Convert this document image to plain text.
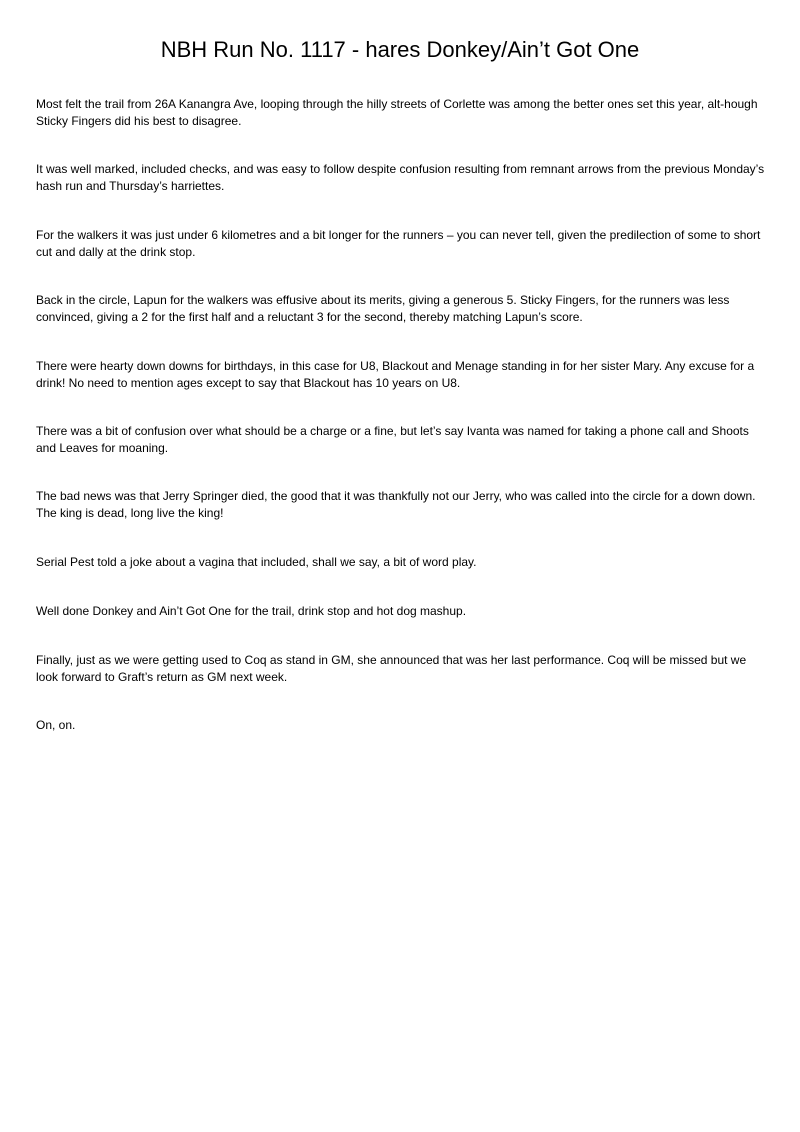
NBH Run No. 1117 - hares Donkey/Ain’t Got One

Most felt the trail from 26A Kanangra Ave, looping through the hilly streets of Corlette was among the better ones set this year, alt-hough Sticky Fingers did his best to disagree.

It was well marked, included checks, and was easy to follow despite confusion resulting from remnant arrows from the previous Monday’s hash run and Thursday’s harriettes.

For the walkers it was just under 6 kilometres and a bit longer for the runners – you can never tell, given the predilection of some to short cut and dally at the drink stop.

Back in the circle, Lapun for the walkers was effusive about its merits, giving a generous 5. Sticky Fingers, for the runners was less convinced, giving a 2 for the first half and a reluctant 3 for the second, thereby matching Lapun’s score.

There were hearty down downs for birthdays, in this case for U8, Blackout and Menage standing in for her sister Mary. Any excuse for a drink! No need to mention ages except to say that Blackout has 10 years on U8.

There was a bit of confusion over what should be a charge or a fine, but let’s say Ivanta was named for taking a phone call and Shoots and Leaves for moaning.

The bad news was that Jerry Springer died, the good that it was thankfully not our Jerry, who was called into the circle for a down down. The king is dead, long live the king!

Serial Pest told a joke about a vagina that included, shall we say, a bit of word play.

Well done Donkey and Ain’t Got One for the trail, drink stop and hot dog mashup.

Finally, just as we were getting used to Coq as stand in GM, she announced that was her last performance. Coq will be missed but we look forward to Graft’s return as GM next week.

On, on.
